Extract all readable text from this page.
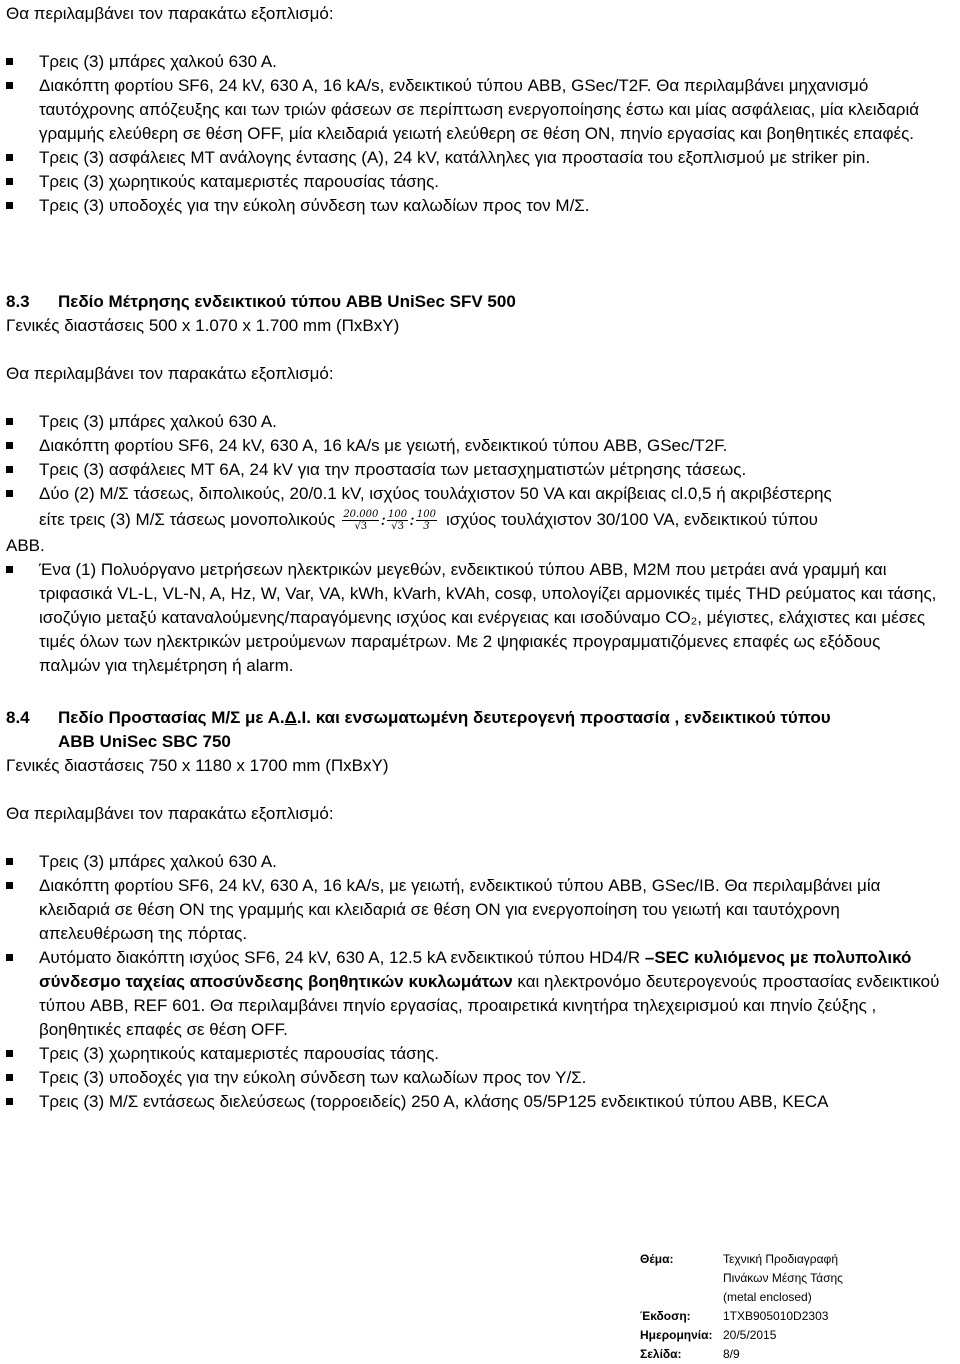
Θα περιλαμβάνει τον παρακάτω εξοπλισμό:
Τρεις (3) μπάρες χαλκού 630 Α.
Διακόπτη φορτίου SF6, 24 kV, 630 A, 16 kA/s, ενδεικτικού τύπου ABB, GSec/T2F. Θα περιλαμβάνει μηχανισμό ταυτόχρονης απόζευξης και των τριών φάσεων σε περίπτωση ενεργοποίησης έστω και μίας ασφάλειας, μία κλειδαριά γραμμής ελεύθερη σε θέση OFF, μία κλειδαριά γειωτή ελεύθερη σε θέση ON, πηνίο εργασίας και βοηθητικές επαφές.
Τρεις (3) ασφάλειες ΜΤ ανάλογης έντασης (Α), 24 kV, κατάλληλες για προστασία του εξοπλισμού με striker pin.
Τρεις (3) χωρητικούς καταμεριστές παρουσίας τάσης.
Τρεις (3) υποδοχές για την εύκολη σύνδεση των καλωδίων προς τον Μ/Σ.
8.3 Πεδίο Μέτρησης ενδεικτικού τύπου ABB UniSec SFV 500
Γενικές διαστάσεις 500 x 1.070 x 1.700 mm (ΠxΒxΥ)
Θα περιλαμβάνει τον παρακάτω εξοπλισμό:
Τρεις (3) μπάρες χαλκού 630 Α.
Διακόπτη φορτίου SF6, 24 kV, 630 A, 16 kA/s με γειωτή, ενδεικτικού τύπου ABB, GSec/T2F.
Τρεις (3) ασφάλειες ΜΤ 6Α, 24 kV για την προστασία των μετασχηματιστών μέτρησης τάσεως.
Δύο (2) Μ/Σ τάσεως, διπολικούς, 20/0.1 kV, ισχύος τουλάχιστον 50 VA και ακρίβειας cl.0,5 ή ακριβέστερης
είτε τρεις (3) Μ/Σ τάσεως μονοπολικούς $\frac{20.000}{√3}$ : $\frac{100}{√3}$ : $\frac{100}{3}$ ισχύος τουλάχιστον 30/100 VA, ενδεικτικού τύπου
ABB.
Ένα (1) Πολυόργανο μετρήσεων ηλεκτρικών μεγεθών, ενδεικτικού τύπου ABB, M2M που μετράει ανά γραμμή και τριφασικά VL-L, VL-N, A, Hz, W, Var, VA, kWh, kVarh, kVAh, cosφ, υπολογίζει αρμονικές τιμές THD ρεύματος και τάσης, ισοζύγιο μεταξύ καταναλούμενης/παραγόμενης ισχύος και ενέργειας και ισοδύναμο CO₂, μέγιστες, ελάχιστες και μέσες τιμές όλων των ηλεκτρικών μετρούμενων παραμέτρων. Με 2 ψηφιακές προγραμματιζόμενες επαφές ως εξόδους παλμών για τηλεμέτρηση ή alarm.
8.4 Πεδίο Προστασίας Μ/Σ με Α.Δ.Ι. και ενσωματωμένη δευτερογενή προστασία , ενδεικτικού τύπου
ABB UniSec SBC 750
Γενικές διαστάσεις 750 x 1180 x 1700 mm (ΠxΒxΥ)
Θα περιλαμβάνει τον παρακάτω εξοπλισμό:
Τρεις (3) μπάρες χαλκού 630 Α.
Διακόπτη φορτίου SF6, 24 kV, 630 A, 16 kA/s, με γειωτή, ενδεικτικού τύπου ABB, GSec/IB. Θα περιλαμβάνει μία κλειδαριά σε θέση ON της γραμμής και κλειδαριά σε θέση ON για ενεργοποίηση του γειωτή και ταυτόχρονη απελευθέρωση της πόρτας.
Αυτόματο διακόπτη ισχύος SF6, 24 kV, 630 A, 12.5 kA ενδεικτικού τύπου HD4/R –SEC κυλιόμενος με πολυπολικό σύνδεσμο ταχείας αποσύνδεσης βοηθητικών κυκλωμάτων και ηλεκτρονόμο δευτερογενούς προστασίας ενδεικτικού τύπου ABB, REF 601. Θα περιλαμβάνει πηνίο εργασίας, προαιρετικά κινητήρα τηλεχειρισμού και πηνίο ζεύξης , βοηθητικές επαφές σε θέση OFF.
Τρεις (3) χωρητικούς καταμεριστές παρουσίας τάσης.
Τρεις (3) υποδοχές για την εύκολη σύνδεση των καλωδίων προς τον Υ/Σ.
Τρεις (3) Μ/Σ εντάσεως διελεύσεως (τορροειδείς) 250 Α, κλάσης 05/5P125 ενδεικτικού τύπου ΑΒΒ, ΚΕCA
Θέμα:	Τεχνική Προδιαγραφή
Πινάκων Μέσης Τάσης
(metal enclosed)
Έκδοση:	1TXB905010D2303
Ημερομηνία: 20/5/2015
Σελίδα:	8/9
